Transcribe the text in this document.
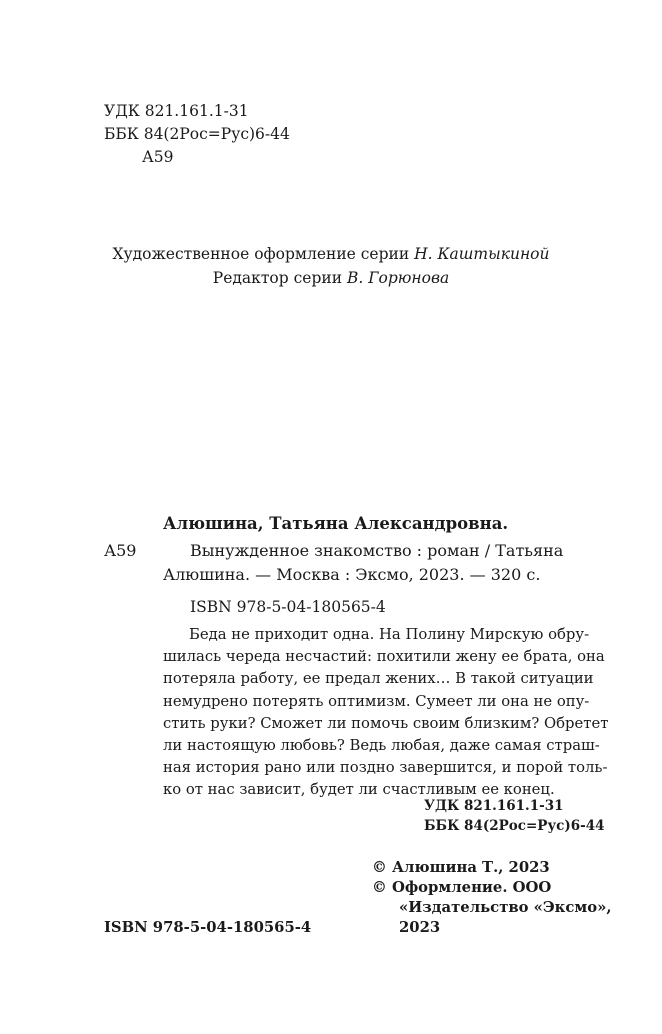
УДК 821.161.1-31
ББК 84(2Рос=Рус)6-44
А59
Художественное оформление серии Н. Каштыкиной
Редактор серии В. Горюнова
Алюшина, Татьяна Александровна.
А59	Вынужденное знакомство : роман / Татьяна
Алюшина. — Москва : Эксмо, 2023. — 320 с.
ISBN 978-5-04-180565-4
Беда не приходит одна. На Полину Мирскую обру-
шилась череда несчастий: похитили жену ее брата, она
потеряла работу, ее предал жених… В такой ситуации
немудрено потерять оптимизм. Сумеет ли она не опу-
стить руки? Сможет ли помочь своим близким? Обретет
ли настоящую любовь? Ведь любая, даже самая страш-
ная история рано или поздно завершится, и порой толь-
ко от нас зависит, будет ли счастливым ее конец.
УДК 821.161.1-31
ББК 84(2Рос=Рус)6-44
© Алюшина Т., 2023
© Оформление. ООО
«Издательство «Эксмо»,
2023
ISBN 978-5-04-180565-4
